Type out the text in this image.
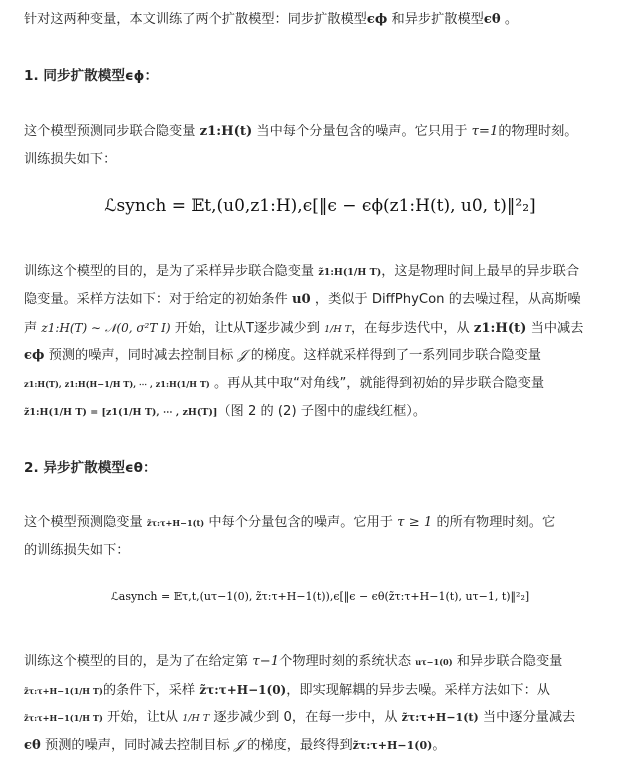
针对这两种变量，本文训练了两个扩散模型：同步扩散模型ϵϕ 和异步扩散模型ϵθ 。
1. 同步扩散模型ϵϕ：
这个模型预测同步联合隐变量 z1:H(t) 当中每个分量包含的噪声。它只用于 τ=1的物理时刻。
训练损失如下：
ℒsynch = 𝔼t,(u0,z1:H),ϵ[‖ϵ − ϵϕ(z1:H(t), u0, t)‖²₂]
训练这个模型的目的，是为了采样异步联合隐变量 z̃1:H(1/H T)，这是物理时间上最早的异步联合
隐变量。采样方法如下：对于给定的初始条件 u0 ，类似于 DiffPhyCon 的去噪过程，从高斯噪
声 z1:H(T) ∼ 𝒩(0, σ²T I) 开始，让t从T逐步减少到 1/H T，在每步迭代中，从 z1:H(t) 当中减去
ϵϕ 预测的噪声，同时减去控制目标 𝒥 的梯度。这样就采样得到了一系列同步联合隐变量
z1:H(T), z1:H(H−1/H T), ⋯ , z1:H(1/H T) 。再从其中取“对角线”，就能得到初始的异步联合隐变量
z̃1:H(1/H T) = [z1(1/H T), ⋯ , zH(T)]（图 2 的 (2) 子图中的虚线红框）。
2. 异步扩散模型ϵθ：
这个模型预测隐变量 z̃τ:τ+H−1(t) 中每个分量包含的噪声。它用于 τ ≥ 1 的所有物理时刻。它
的训练损失如下：
ℒasynch = 𝔼τ,t,(uτ−1(0), z̃τ:τ+H−1(t)),ϵ[‖ϵ − ϵθ(z̃τ:τ+H−1(t), uτ−1, t)‖²₂]
训练这个模型的目的，是为了在给定第 τ−1个物理时刻的系统状态 uτ−1(0) 和异步联合隐变量
z̃τ:τ+H−1(1/H T)的条件下，采样 z̃τ:τ+H−1(0)，即实现解耦的异步去噪。采样方法如下：从
z̃τ:τ+H−1(1/H T) 开始，让t从 1/H T 逐步减少到 0，在每一步中，从 z̃τ:τ+H−1(t) 当中逐分量减去
ϵθ 预测的噪声，同时减去控制目标 𝒥 的梯度，最终得到z̃τ:τ+H−1(0)。
